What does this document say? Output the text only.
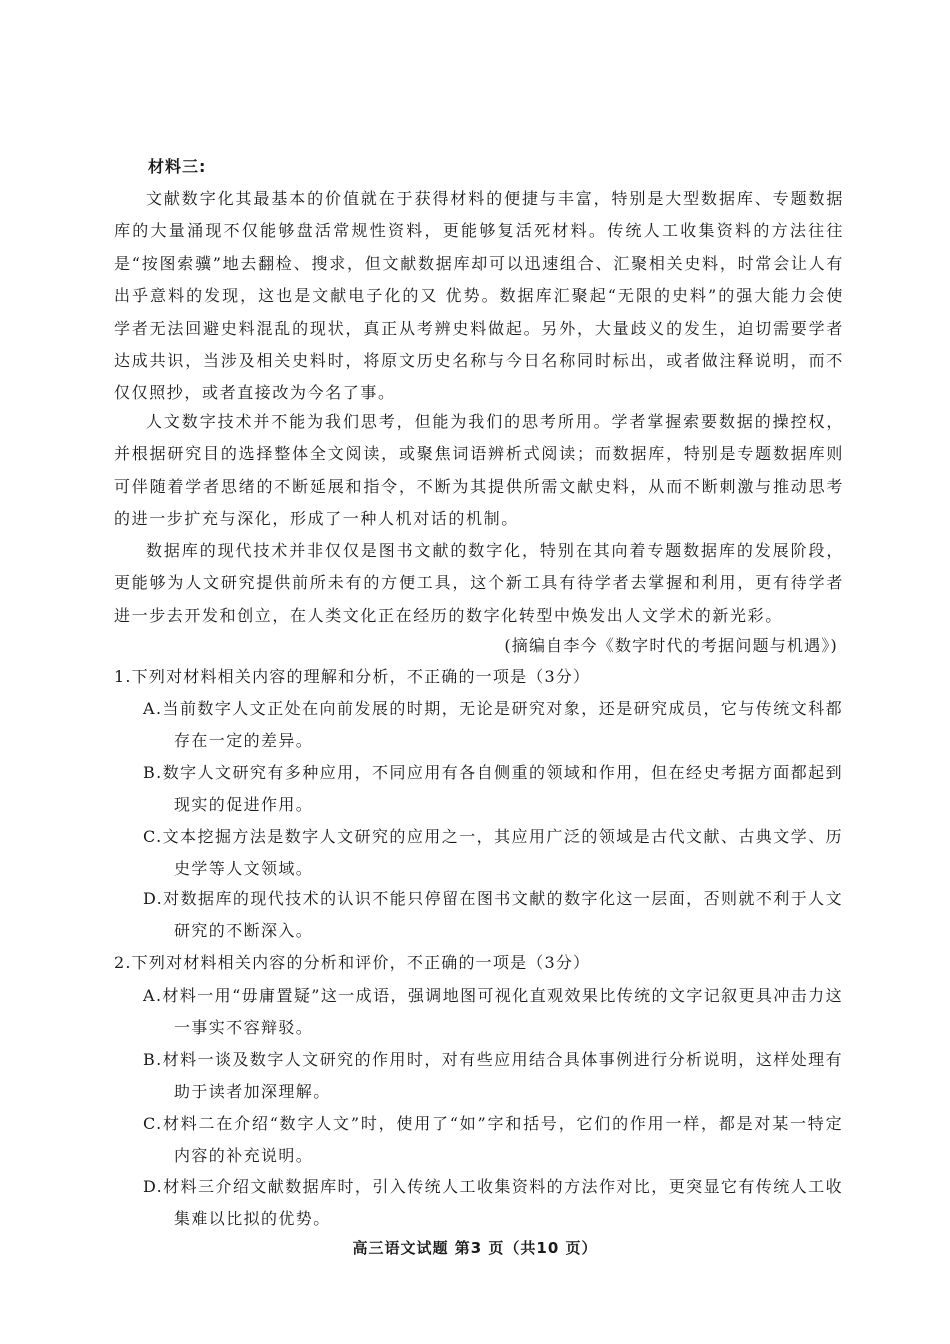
材料三:

文献数字化其最基本的价值就在于获得材料的便捷与丰富，特别是大型数据库、专题数据库的大量涌现不仅能够盘活常规性资料，更能够复活死材料。传统人工收集资料的方法往往是“按图索骥”地去翻检、搜求，但文献数据库却可以迅速组合、汇聚相关史料，时常会让人有出乎意料的发现，这也是文献电子化的又 优势。数据库汇聚起“无限的史料”的强大能力会使学者无法回避史料混乱的现状，真正从考辨史料做起。另外，大量歧义的发生，迫切需要学者达成共识，当涉及相关史料时，将原文历史名称与今日名称同时标出，或者做注释说明，而不仅仅照抄，或者直接改为今名了事。

人文数字技术并不能为我们思考，但能为我们的思考所用。学者掌握索要数据的操控权，并根据研究目的选择整体全文阅读，或聚焦词语辨析式阅读；而数据库，特别是专题数据库则可伴随着学者思绪的不断延展和指令，不断为其提供所需文献史料，从而不断刺激与推动思考的进一步扩充与深化，形成了一种人机对话的机制。

数据库的现代技术并非仅仅是图书文献的数字化，特别在其向着专题数据库的发展阶段，更能够为人文研究提供前所未有的方便工具，这个新工具有待学者去掌握和利用，更有待学者进一步去开发和创立，在人类文化正在经历的数字化转型中焕发出人文学术的新光彩。

(摘编自李今《数字时代的考据问题与机遇》)
1.下列对材料相关内容的理解和分析，不正确的一项是（3分）
A.当前数字人文正处在向前发展的时期，无论是研究对象，还是研究成员，它与传统文科都存在一定的差异。
B.数字人文研究有多种应用，不同应用有各自侧重的领域和作用，但在经史考据方面都起到现实的促进作用。
C.文本挖掘方法是数字人文研究的应用之一，其应用广泛的领域是古代文献、古典文学、历史学等人文领域。
D.对数据库的现代技术的认识不能只停留在图书文献的数字化这一层面，否则就不利于人文研究的不断深入。
2.下列对材料相关内容的分析和评价，不正确的一项是（3分）
A.材料一用“毋庸置疑”这一成语，强调地图可视化直观效果比传统的文字记叙更具冲击力这一事实不容辩驳。
B.材料一谈及数字人文研究的作用时，对有些应用结合具体事例进行分析说明，这样处理有助于读者加深理解。
C.材料二在介绍“数字人文”时，使用了“如”字和括号，它们的作用一样，都是对某一特定内容的补充说明。
D.材料三介绍文献数据库时，引入传统人工收集资料的方法作对比，更突显它有传统人工收集难以比拟的优势。
高三语文试题 第3 页（共10 页）
